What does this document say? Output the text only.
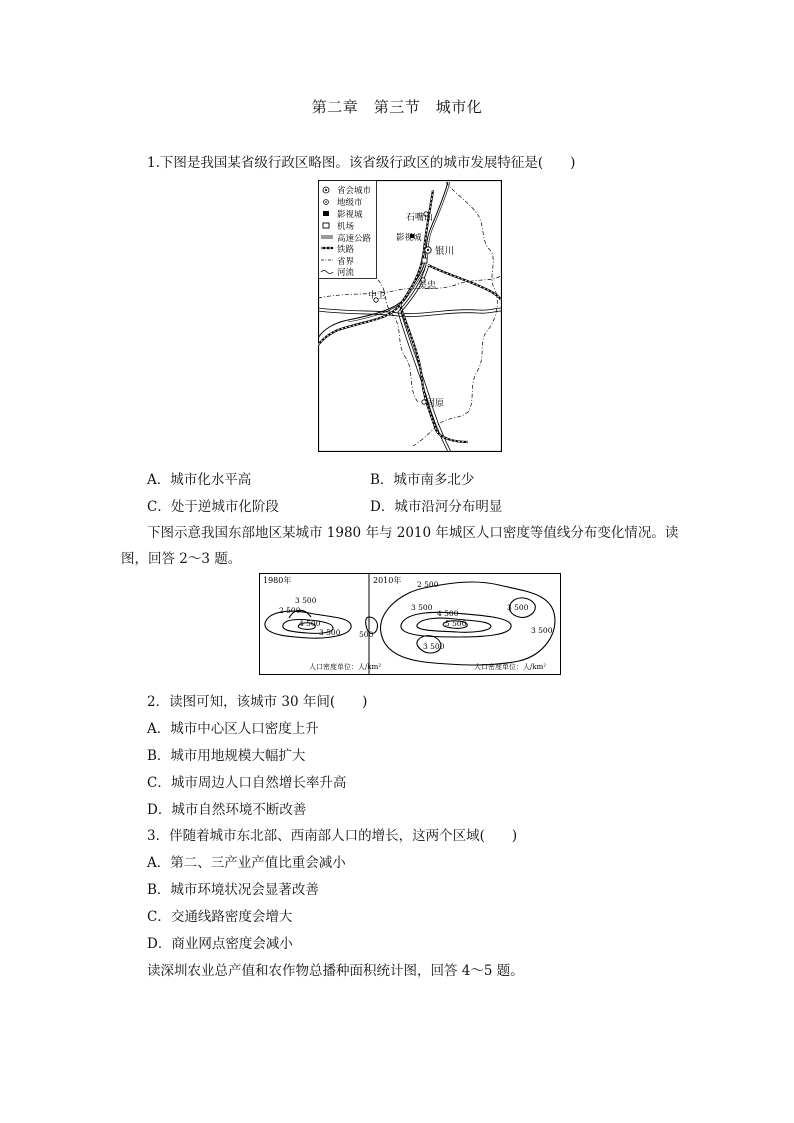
第二章　第三节　城市化
1.下图是我国某省级行政区略图。该省级行政区的城市发展特征是(　　)
省会城市
地级市
影视城
机场
高速公路
铁路
省界
河流
石嘴山
影视城
银川
吴忠
中卫
固原
A．城市化水平高	B．城市南多北少
C．处于逆城市化阶段	D．城市沿河分布明显
下图示意我国东部地区某城市 1980 年与 2010 年城区人口密度等值线分布变化情况。读
图，回答 2～3 题。
1980年
3 500
2 500
4 500
3 500 500
人口密度单位：人/km²
2010年 2 500
3 500
4 500
5 500
3 500
3 500
3 500
人口密度单位：人/km²
2．读图可知，该城市 30 年间(　　)
A．城市中心区人口密度上升
B．城市用地规模大幅扩大
C．城市周边人口自然增长率升高
D．城市自然环境不断改善
3．伴随着城市东北部、西南部人口的增长，这两个区域(　　)
A．第二、三产业产值比重会减小
B．城市环境状况会显著改善
C．交通线路密度会增大
D．商业网点密度会减小
读深圳农业总产值和农作物总播种面积统计图，回答 4～5 题。
